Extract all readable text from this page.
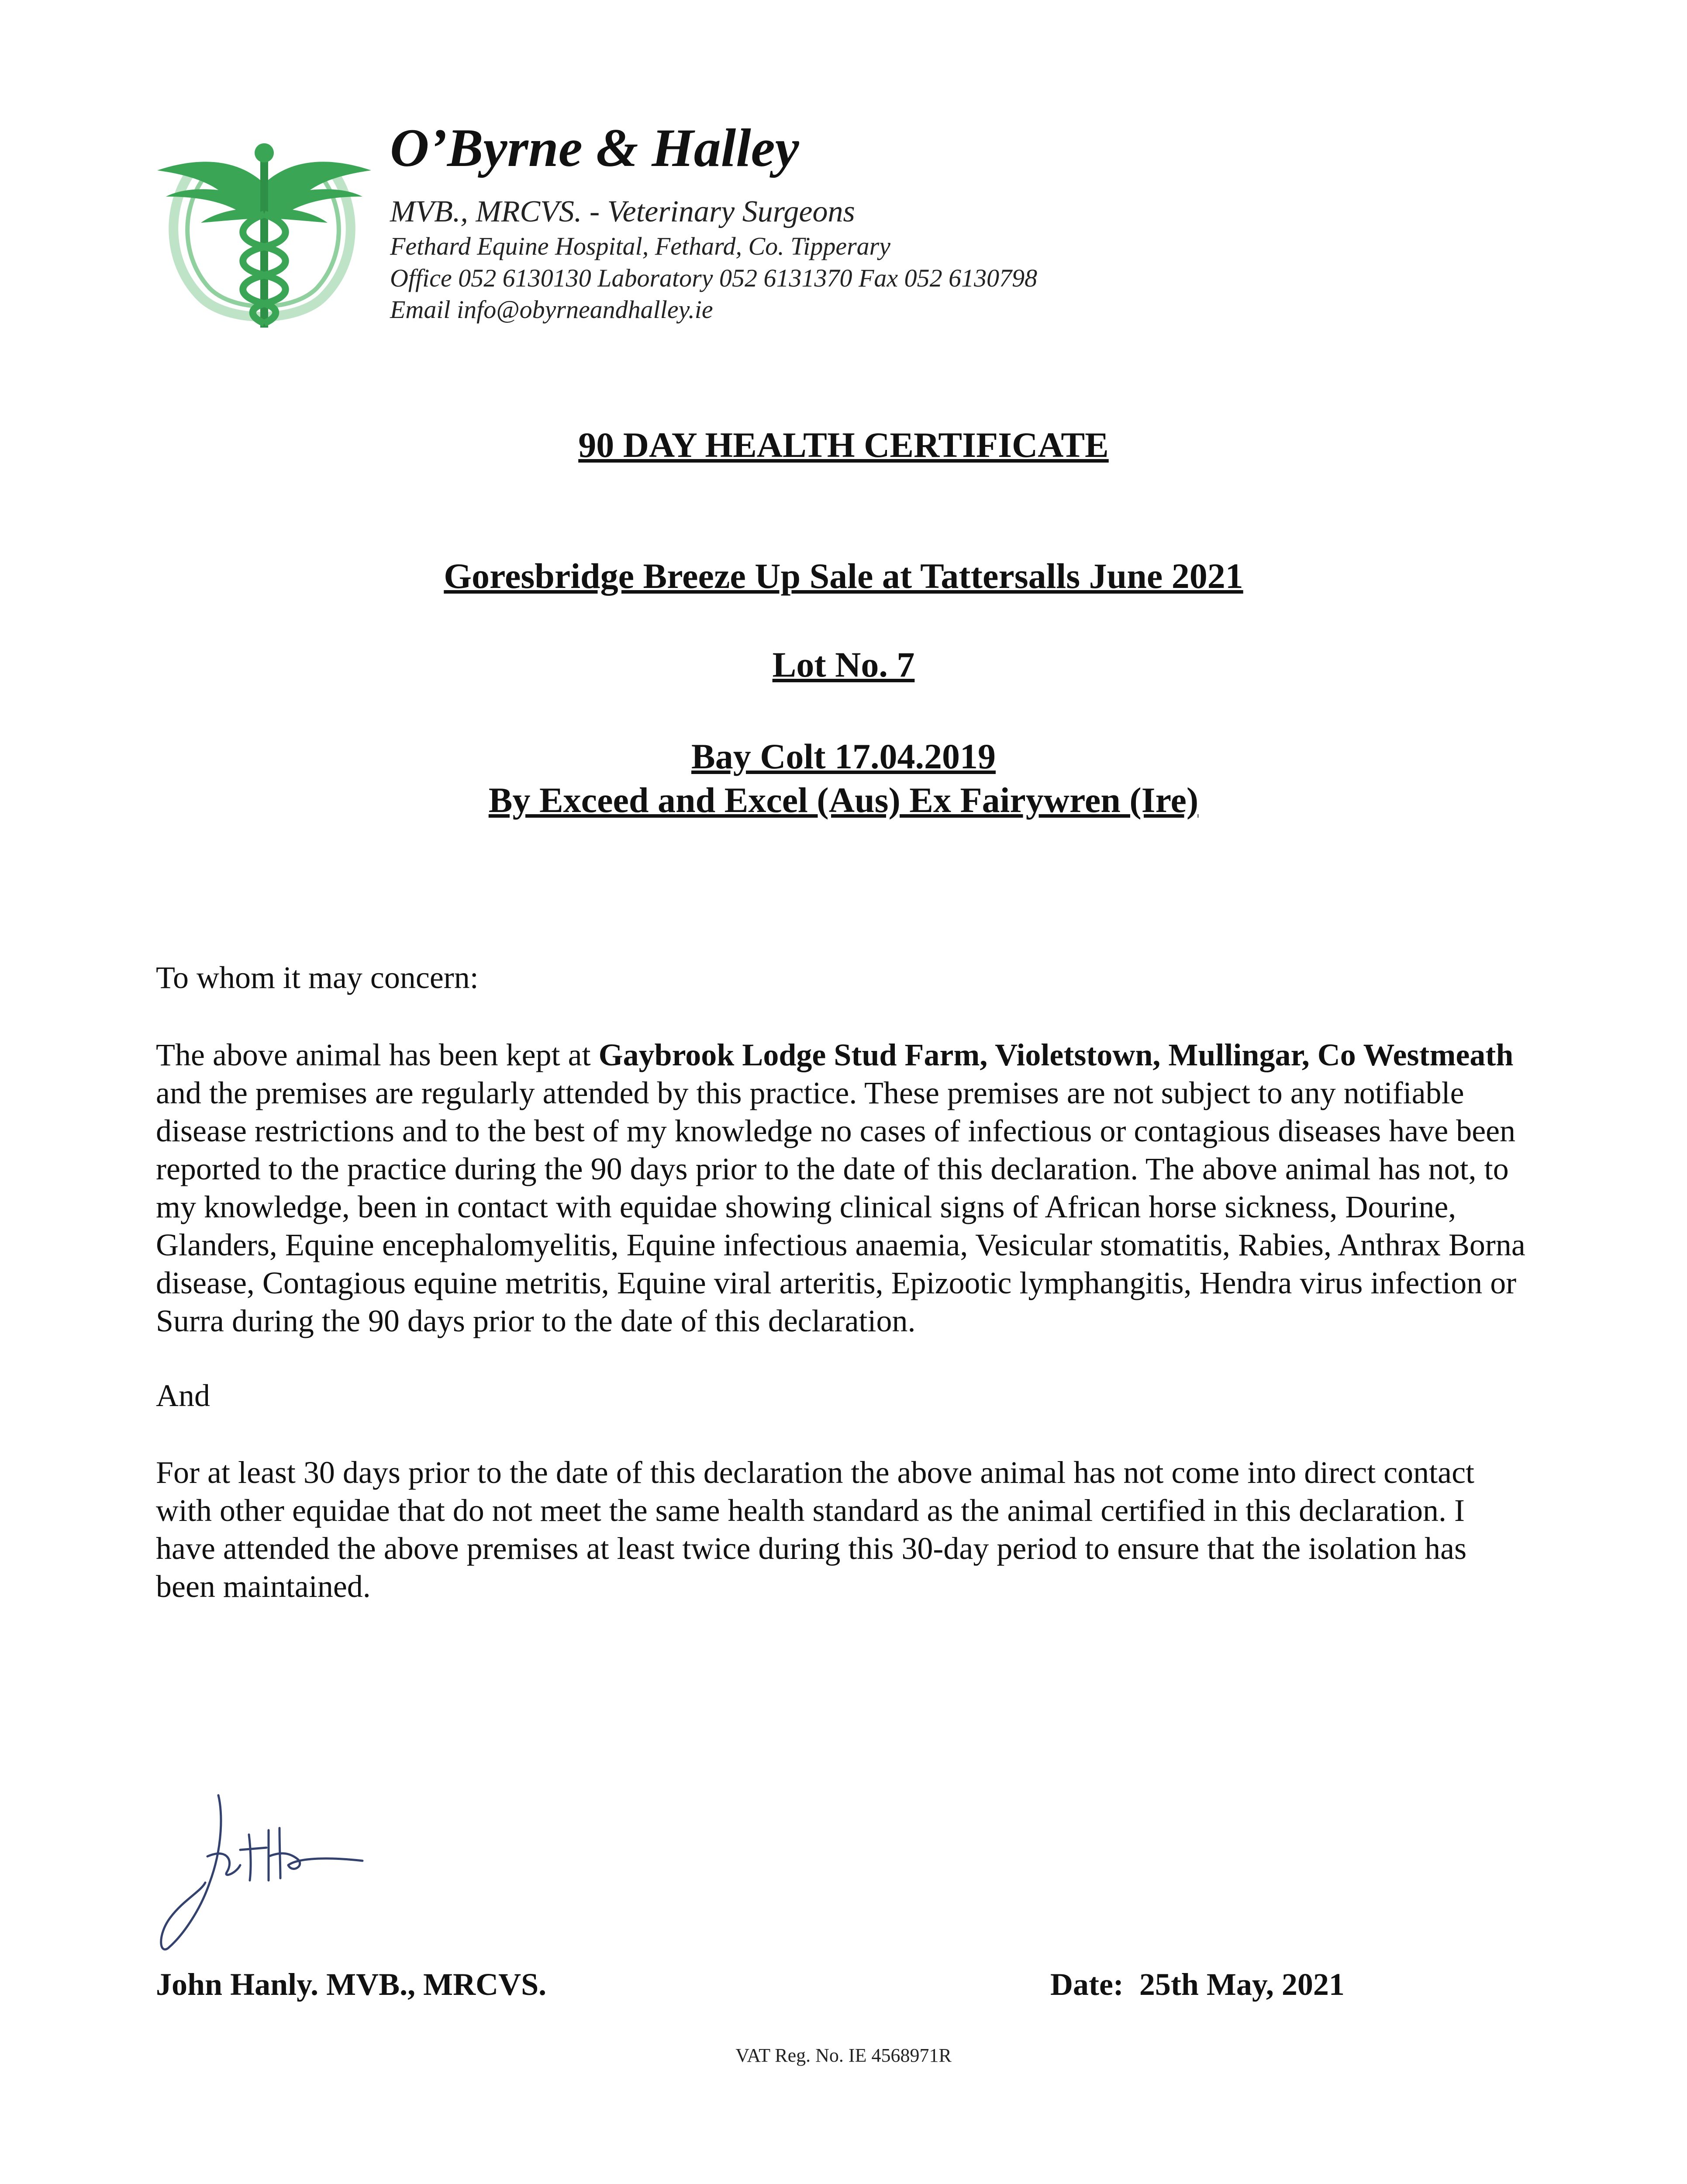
O’Byrne & Halley
MVB., MRCVS. - Veterinary Surgeons
Fethard Equine Hospital, Fethard, Co. Tipperary
Office 052 6130130 Laboratory 052 6131370 Fax 052 6130798
Email info@obyrneandhalley.ie
90 DAY HEALTH CERTIFICATE
Goresbridge Breeze Up Sale at Tattersalls June 2021
Lot No. 7
Bay Colt 17.04.2019
By Exceed and Excel (Aus) Ex Fairywren (Ire)
To whom it may concern:
The above animal has been kept at Gaybrook Lodge Stud Farm, Violetstown, Mullingar, Co Westmeath and the premises are regularly attended by this practice. These premises are not subject to any notifiable disease restrictions and to the best of my knowledge no cases of infectious or contagious diseases have been reported to the practice during the 90 days prior to the date of this declaration. The above animal has not, to my knowledge, been in contact with equidae showing clinical signs of African horse sickness, Dourine, Glanders, Equine encephalomyelitis, Equine infectious anaemia, Vesicular stomatitis, Rabies, Anthrax Borna disease, Contagious equine metritis, Equine viral arteritis, Epizootic lymphangitis, Hendra virus infection or Surra during the 90 days prior to the date of this declaration.
And
For at least 30 days prior to the date of this declaration the above animal has not come into direct contact with other equidae that do not meet the same health standard as the animal certified in this declaration. I have attended the above premises at least twice during this 30-day period to ensure that the isolation has been maintained.
John Hanly. MVB., MRCVS.	Date: 25th May, 2021
VAT Reg. No. IE 4568971R
